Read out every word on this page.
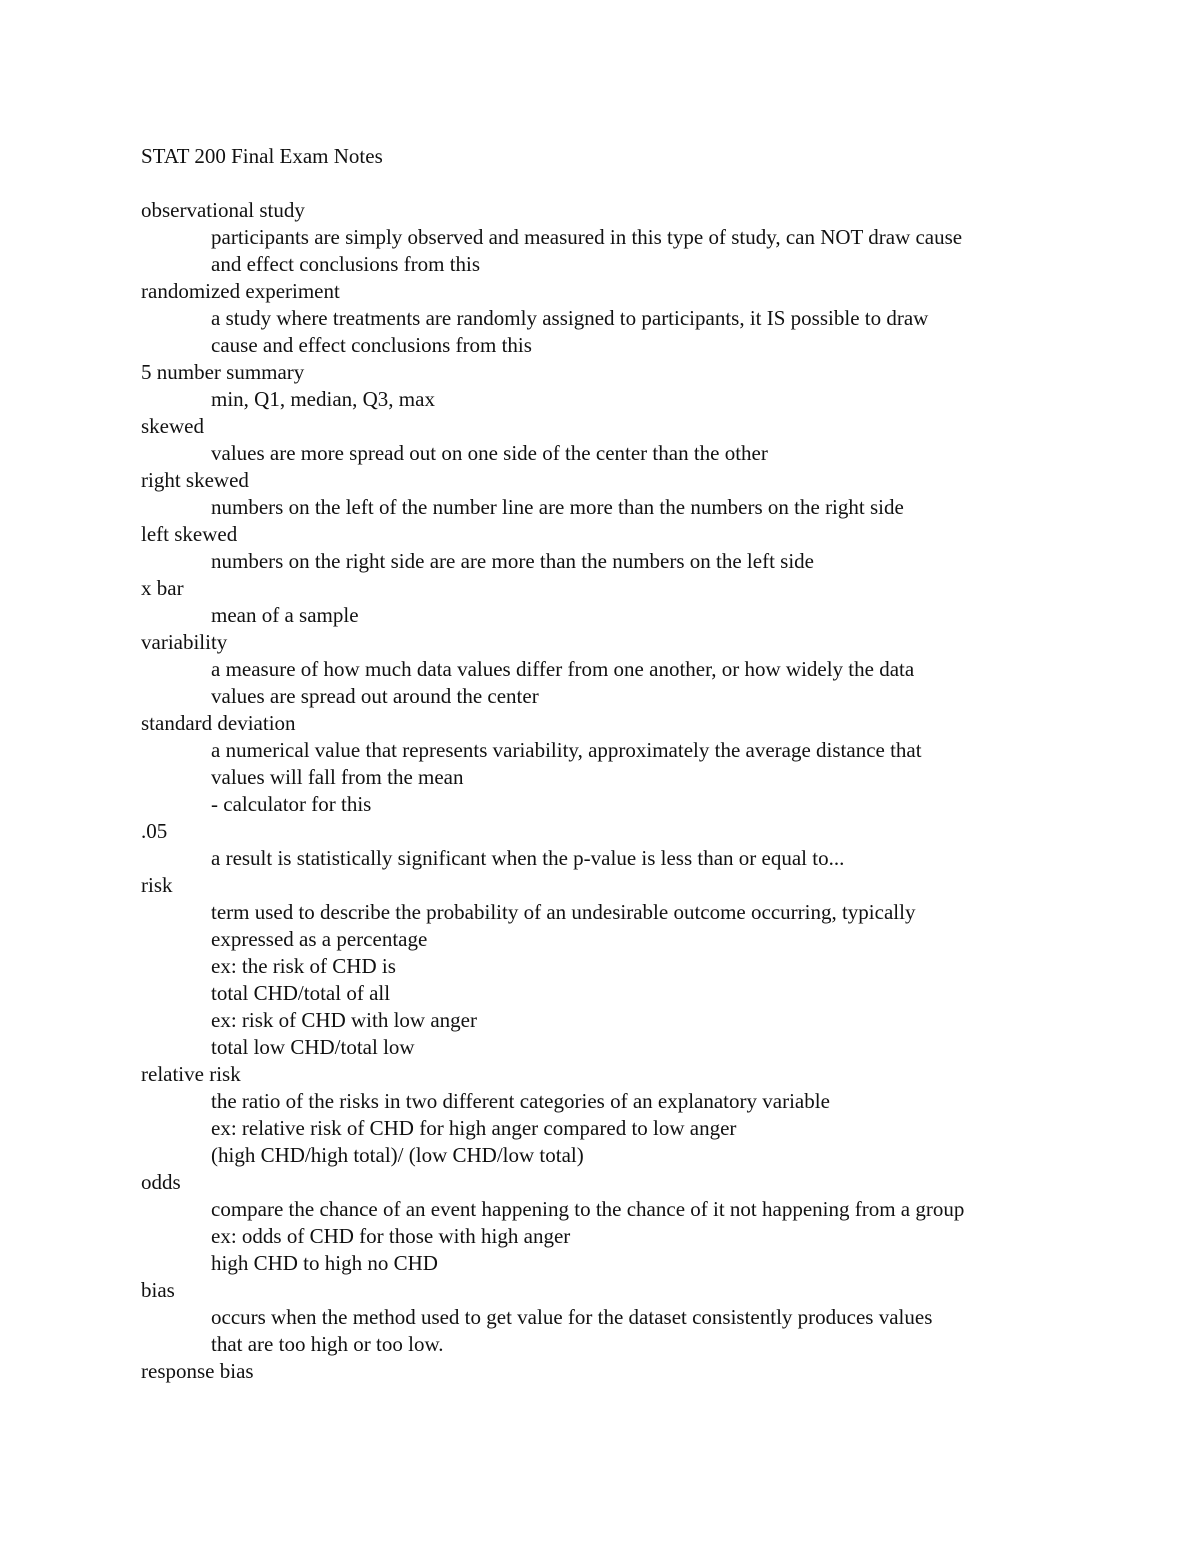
STAT 200 Final Exam Notes
observational study
participants are simply observed and measured in this type of study, can NOT draw cause
and effect conclusions from this
randomized experiment
a study where treatments are randomly assigned to participants, it IS possible to draw
cause and effect conclusions from this
5 number summary
min, Q1, median, Q3, max
skewed
values are more spread out on one side of the center than the other
right skewed
numbers on the left of the number line are more than the numbers on the right side
left skewed
numbers on the right side are are more than the numbers on the left side
x bar
mean of a sample
variability
a measure of how much data values differ from one another, or how widely the data
values are spread out around the center
standard deviation
a numerical value that represents variability, approximately the average distance that
values will fall from the mean
- calculator for this
.05
a result is statistically significant when the p-value is less than or equal to...
risk
term used to describe the probability of an undesirable outcome occurring, typically
expressed as a percentage
ex: the risk of CHD is
total CHD/total of all
ex: risk of CHD with low anger
total low CHD/total low
relative risk
the ratio of the risks in two different categories of an explanatory variable
ex: relative risk of CHD for high anger compared to low anger
(high CHD/high total)/ (low CHD/low total)
odds
compare the chance of an event happening to the chance of it not happening from a group
ex: odds of CHD for those with high anger
high CHD to high no CHD
bias
occurs when the method used to get value for the dataset consistently produces values
that are too high or too low.
response bias
